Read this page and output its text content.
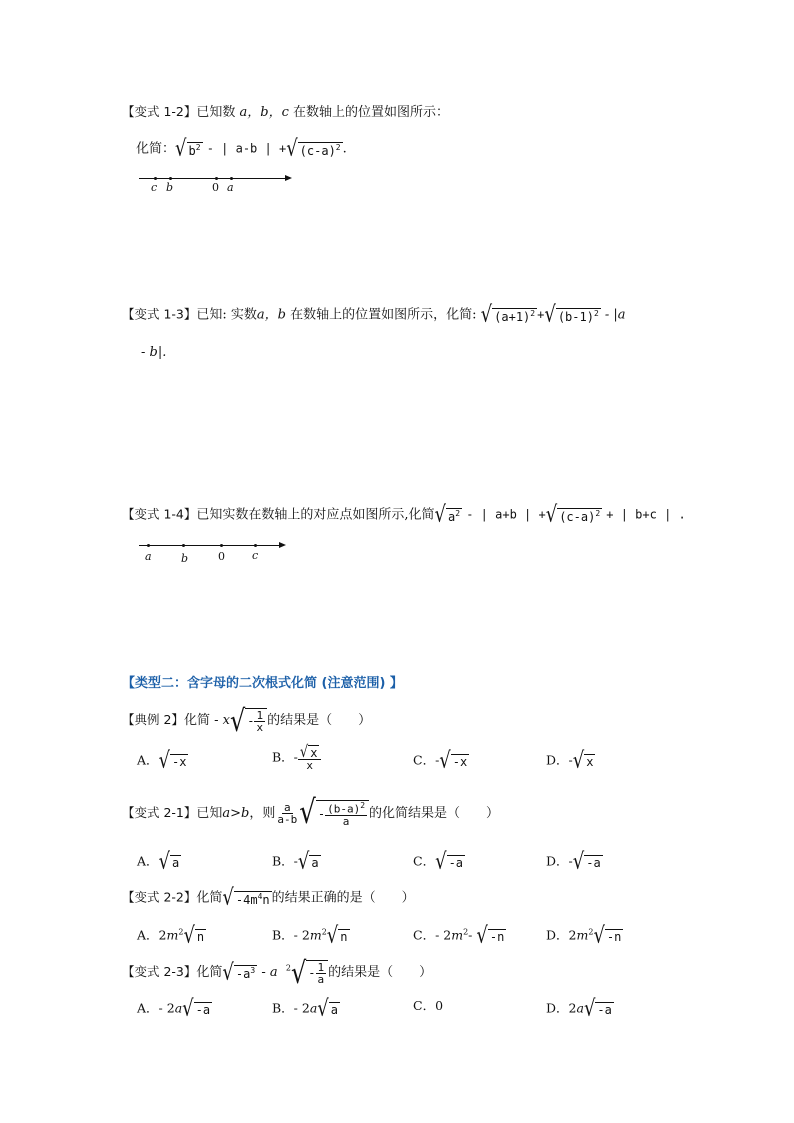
【变式 1-2】已知数 a，b，c 在数轴上的位置如图所示：
化简：√ $b^2$ - | a-b | +√ $(c-a)^2$ .
c b	0 a
【变式 1-3】已知: 实数a，b 在数轴上的位置如图所示，化简: √ $(a+1)^2$ +√ $(b-1)^2 - |a$
- b|.
【变式 1-4】已知实数在数轴上的对应点如图所示,化简√ $a^2$ - | a+b | +√ $(c-a)^2$ + | b+c | .
a	b	0 c
【类型二：含字母的二次根式化简 (注意范围) 】
【典例 2】化简 - $x√ - \frac{1}{x}$ 的结果是（　　）
A．√ -x	B．- $\frac{√ x}{x}$	C．-√ -x	D．-√ x
【变式 2-1】已知a>b，则 $\frac{a}{a-b}$ √ - $\frac{(b-a)^2}{a}$ 的化简结果是（　　）
A．√ a	B．-√ a	C．√ -a	D．-√ -a
【变式 2-2】化简√ $-4m^4n$ 的结果正确的是（　　）
A．$2m^2√$ n	B．- $2m^2√$ n	C．- $2m^2-$ √ -n	D．$2m^2√$ -n
【变式 2-3】化简√ $-a^3$ - a $^2√ - \frac{1}{a}$ 的结果是（　　）
A．- 2a√ -a	B．- 2a√ a	C．0	D．2a√ -a
